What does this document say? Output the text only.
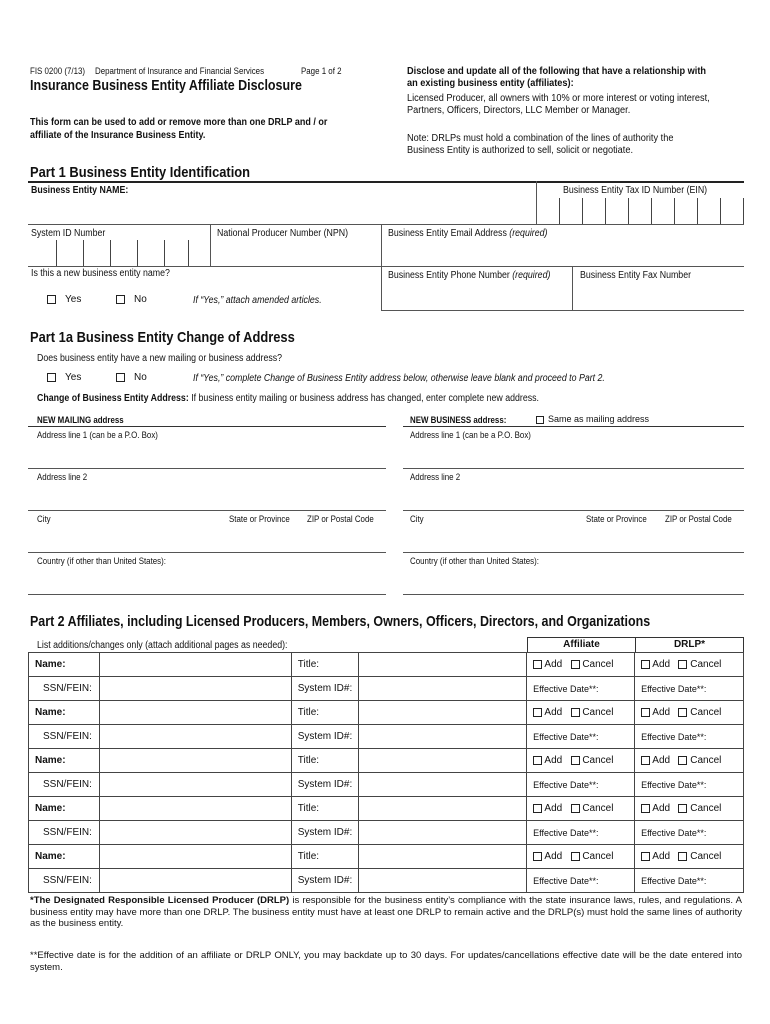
FIS 0200 (7/13) Department of Insurance and Financial Services	Page 1 of 2
Insurance Business Entity Affiliate Disclosure
This form can be used to add or remove more than one DRLP and / or affiliate of the Insurance Business Entity.
Disclose and update all of the following that have a relationship with an existing business entity (affiliates):
Licensed Producer, all owners with 10% or more interest or voting interest, Partners, Officers, Directors, LLC Member or Manager.
Note: DRLPs must hold a combination of the lines of authority the Business Entity is authorized to sell, solicit or negotiate.
Part 1 Business Entity Identification
Business Entity NAME:	Business Entity Tax ID Number (EIN)
System ID Number	National Producer Number (NPN)	Business Entity Email Address (required)
Is this a new business entity name?
Yes	No	If “Yes,” attach amended articles.
Business Entity Phone Number (required)	Business Entity Fax Number
Part 1a Business Entity Change of Address
Does business entity have a new mailing or business address?
Yes	No	If “Yes,” complete Change of Business Entity address below, otherwise leave blank and proceed to Part 2.
Change of Business Entity Address: If business entity mailing or business address has changed, enter complete new address.
NEW MAILING address
Address line 1 (can be a P.O. Box)
Address line 2
City	State or Province ZIP or Postal Code
Country (if other than United States):
NEW BUSINESS address:	Same as mailing address
Address line 1 (can be a P.O. Box)
Address line 2
City	State or Province ZIP or Postal Code
Country (if other than United States):
Part 2 Affiliates, including Licensed Producers, Members, Owners, Officers, Directors, and Organizations
List additions/changes only (attach additional pages as needed):	Affiliate	DRLP*
Name:		Title:		Add Cancel	Add Cancel
SSN/FEIN:		System ID#:		Effective Date**:	Effective Date**:
Name:		Title:		Add Cancel	Add Cancel
SSN/FEIN:		System ID#:		Effective Date**:	Effective Date**:
Name:		Title:		Add Cancel	Add Cancel
SSN/FEIN:		System ID#:		Effective Date**:	Effective Date**:
Name:		Title:		Add Cancel	Add Cancel
SSN/FEIN:		System ID#:		Effective Date**:	Effective Date**:
Name:		Title:		Add Cancel	Add Cancel
SSN/FEIN:		System ID#:		Effective Date**:	Effective Date**:
*The Designated Responsible Licensed Producer (DRLP) is responsible for the business entity’s compliance with the state insurance laws, rules, and regulations. A business entity may have more than one DRLP. The business entity must have at least one DRLP to remain active and the DRLP(s) must hold the same lines of authority as the business entity.
**Effective date is for the addition of an affiliate or DRLP ONLY, you may backdate up to 30 days. For updates/cancellations effective date will be the date entered into system.
